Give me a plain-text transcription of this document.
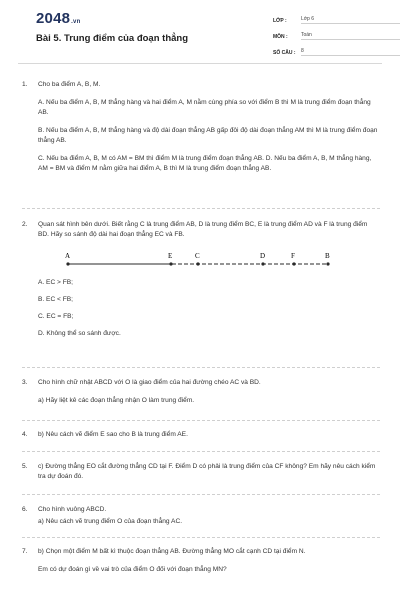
2048.vn
Bài 5. Trung điểm của đoạn thẳng
LỚP :	Lớp 6
MÔN :	Toán
SỐ CÂU :	8
1.	Cho ba điểm A, B, M.

A. Nếu ba điểm A, B, M thẳng hàng và hai điểm A, M nằm cùng phía so với điểm B thì M là trung điểm đoạn thẳng AB.

B. Nếu ba điểm A, B, M thẳng hàng và độ dài đoạn thẳng AB gấp đôi độ dài đoạn thẳng AM thì M là trung điểm đoạn thẳng AB.

C. Nếu ba điểm A, B, M có AM = BM thì điểm M là trung điểm đoạn thẳng AB. D. Nếu ba điểm A, B, M thẳng hàng, AM = BM và điểm M nằm giữa hai điểm A, B thì M là trung điểm đoạn thẳng AB.

2.	Quan sát hình bên dưới. Biết rằng C là trung điểm AB, D là trung điểm BC, E là trung điểm AD và F là trung điểm BD. Hãy so sánh độ dài hai đoạn thẳng EC và FB.

A	E	C	D	F	B
A. EC > FB;
B. EC < FB;
C. EC = FB;
D. Không thể so sánh được.
3.	Cho hình chữ nhật ABCD với O là giao điểm của hai đường chéo AC và BD.

a) Hãy liệt kê các đoạn thẳng nhận O làm trung điểm.

4.	b) Nêu cách vẽ điểm E sao cho B là trung điểm AE.

5.	c) Đường thẳng EO cắt đường thẳng CD tại F. Điểm D có phải là trung điểm của CF không? Em hãy nêu cách kiểm tra dự đoán đó.

6.	Cho hình vuông ABCD.

a) Nêu cách vẽ trung điểm O của đoạn thẳng AC.

7.	b) Chọn một điểm M bất kì thuộc đoạn thẳng AB. Đường thẳng MO cắt cạnh CD tại điểm N.

Em có dự đoán gì về vai trò của điểm O đối với đoạn thẳng MN?
